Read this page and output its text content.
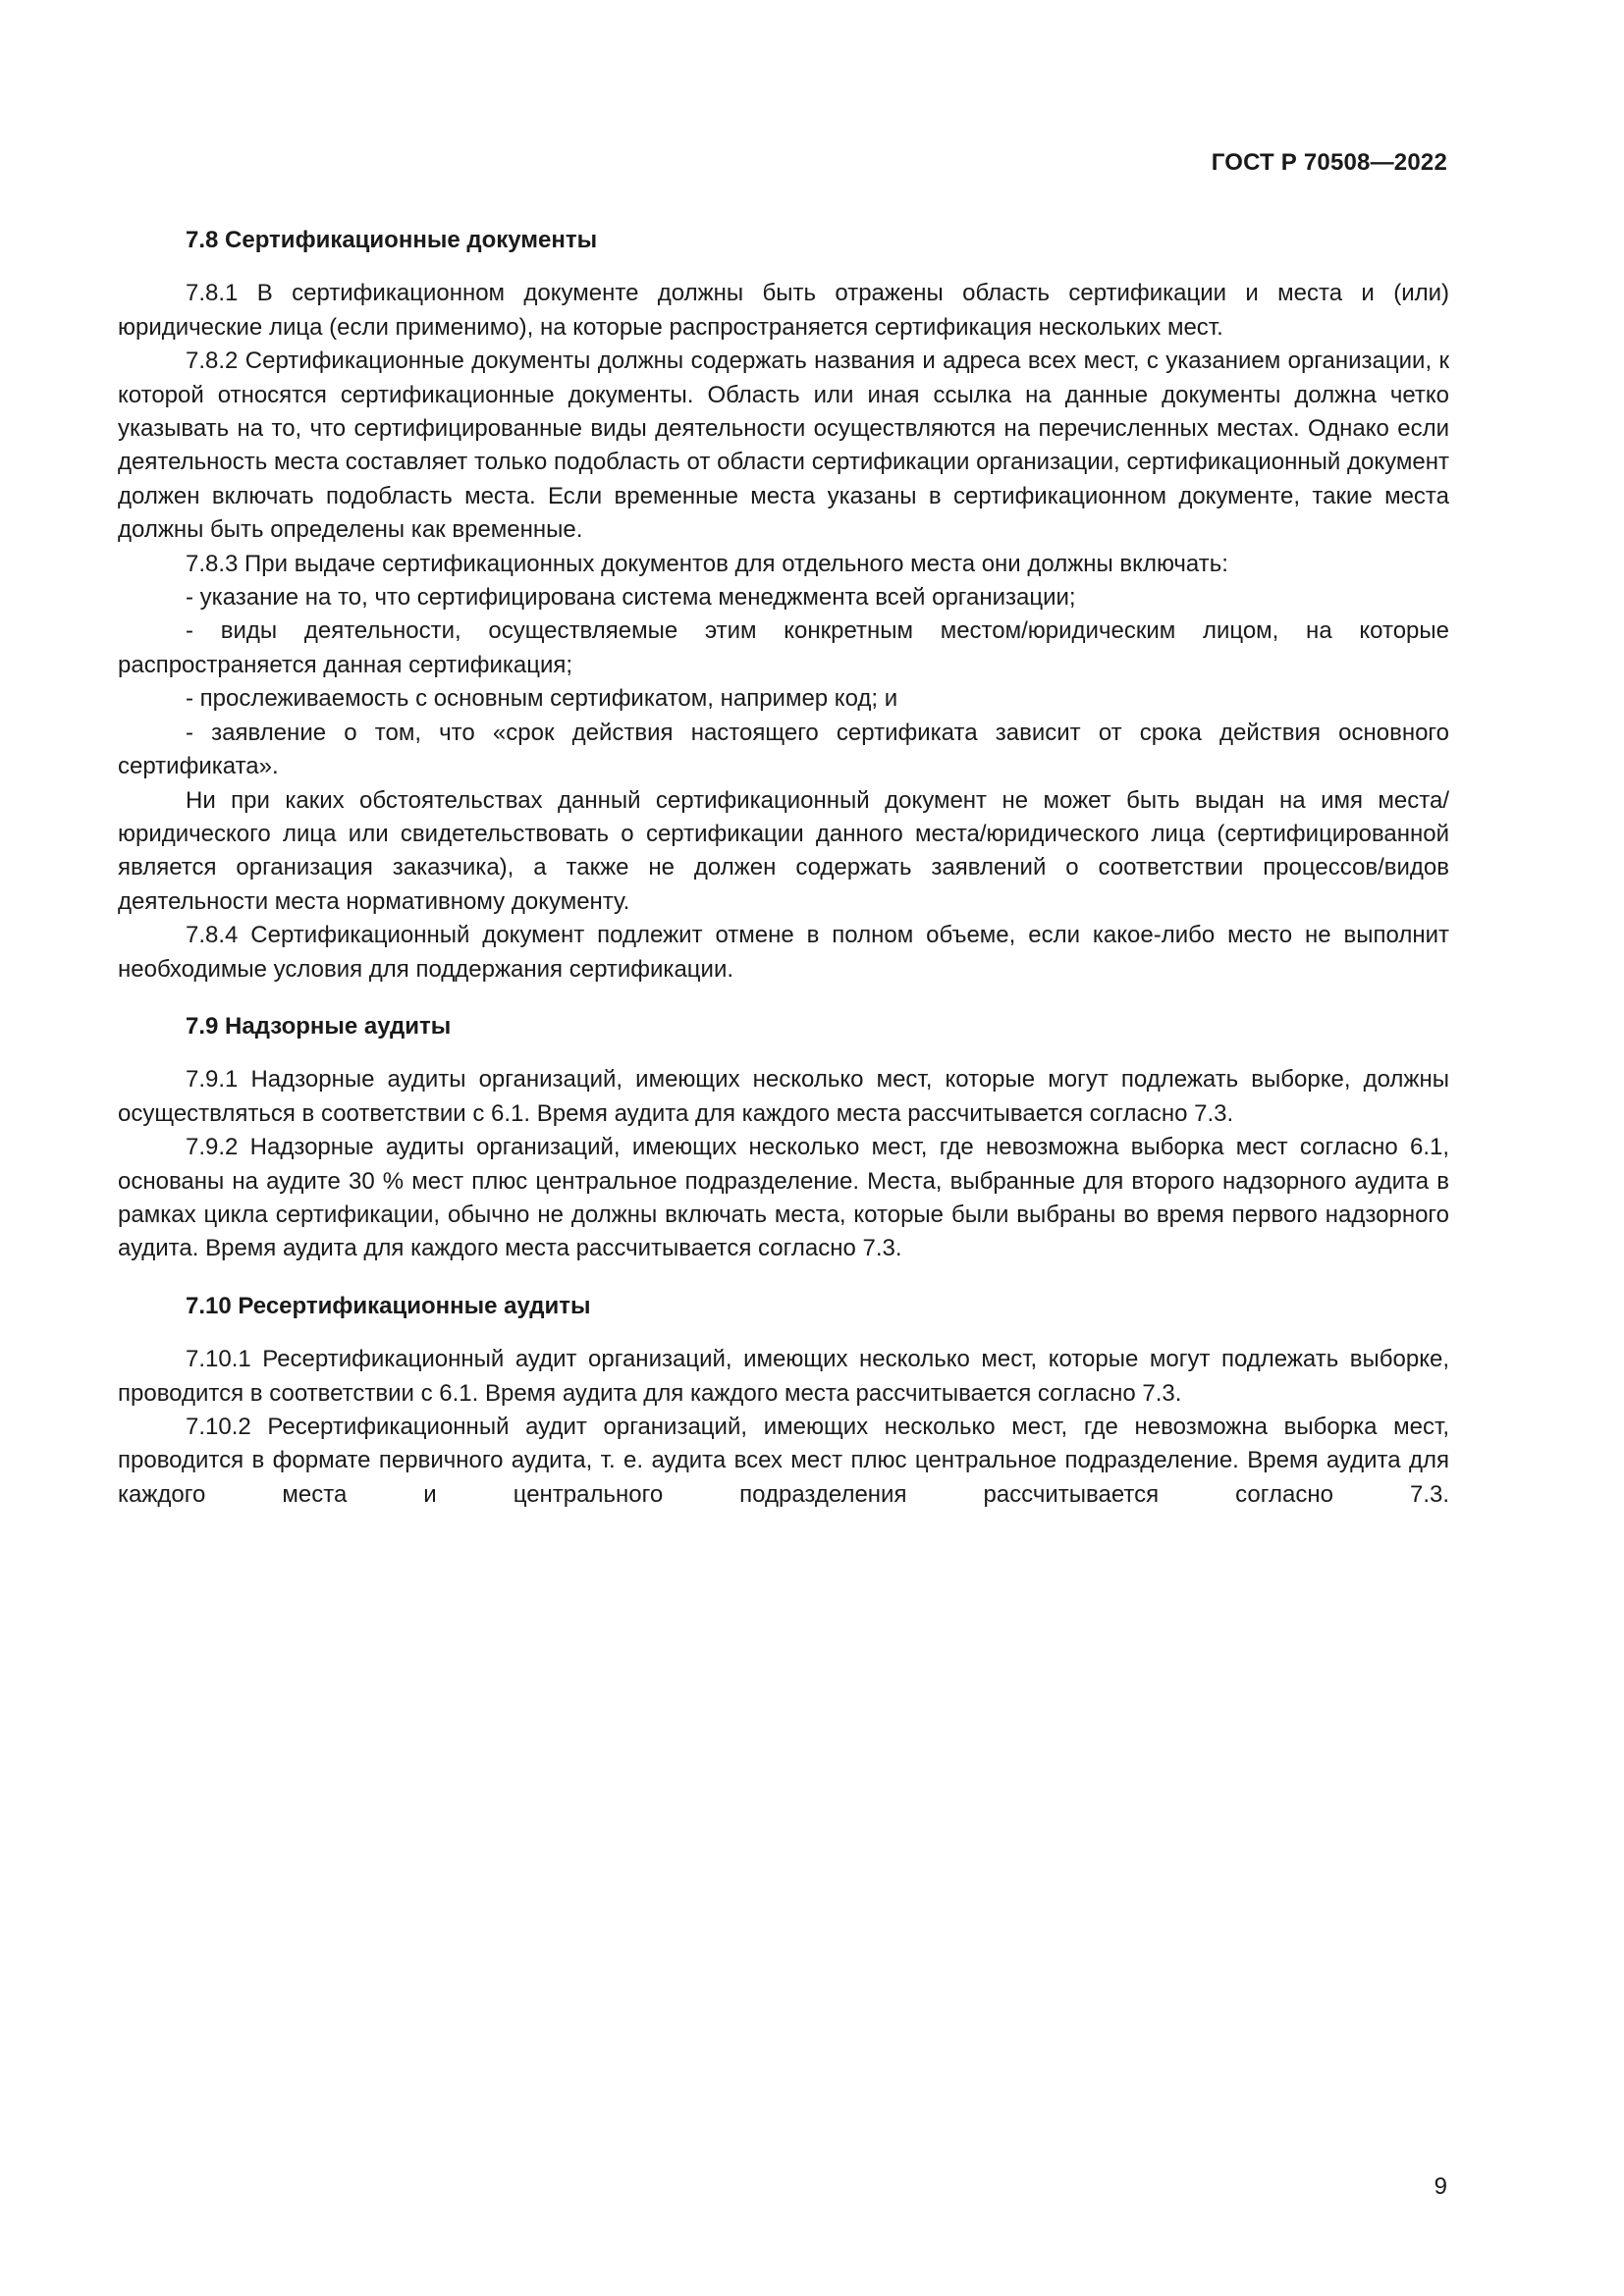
ГОСТ Р 70508—2022
7.8 Сертификационные документы

7.8.1 В сертификационном документе должны быть отражены область сертификации и места и (или) юридические лица (если применимо), на которые распространяется сертификация нескольких мест.

7.8.2 Сертификационные документы должны содержать названия и адреса всех мест, с указанием организации, к которой относятся сертификационные документы. Область или иная ссылка на данные документы должна четко указывать на то, что сертифицированные виды деятельности осуществляются на перечисленных местах. Однако если деятельность места составляет только подобласть от области сертификации организации, сертификационный документ должен включать подобласть места. Если временные места указаны в сертификационном документе, такие места должны быть определены как временные.

7.8.3 При выдаче сертификационных документов для отдельного места они должны включать:

- указание на то, что сертифицирована система менеджмента всей организации;

- виды деятельности, осуществляемые этим конкретным местом/юридическим лицом, на которые распространяется данная сертификация;

- прослеживаемость с основным сертификатом, например код; и

- заявление о том, что «срок действия настоящего сертификата зависит от срока действия основного сертификата».

Ни при каких обстоятельствах данный сертификационный документ не может быть выдан на имя места/юридического лица или свидетельствовать о сертификации данного места/юридического лица (сертифицированной является организация заказчика), а также не должен содержать заявлений о соответствии процессов/видов деятельности места нормативному документу.

7.8.4 Сертификационный документ подлежит отмене в полном объеме, если какое-либо место не выполнит необходимые условия для поддержания сертификации.

7.9 Надзорные аудиты

7.9.1 Надзорные аудиты организаций, имеющих несколько мест, которые могут подлежать выборке, должны осуществляться в соответствии с 6.1. Время аудита для каждого места рассчитывается согласно 7.3.

7.9.2 Надзорные аудиты организаций, имеющих несколько мест, где невозможна выборка мест согласно 6.1, основаны на аудите 30 % мест плюс центральное подразделение. Места, выбранные для второго надзорного аудита в рамках цикла сертификации, обычно не должны включать места, которые были выбраны во время первого надзорного аудита. Время аудита для каждого места рассчитывается согласно 7.3.

7.10 Ресертификационные аудиты

7.10.1 Ресертификационный аудит организаций, имеющих несколько мест, которые могут подлежать выборке, проводится в соответствии с 6.1. Время аудита для каждого места рассчитывается согласно 7.3.

7.10.2 Ресертификационный аудит организаций, имеющих несколько мест, где невозможна выборка мест, проводится в формате первичного аудита, т. е. аудита всех мест плюс центральное подразделение. Время аудита для каждого места и центрального подразделения рассчитывается согласно 7.3.

9
